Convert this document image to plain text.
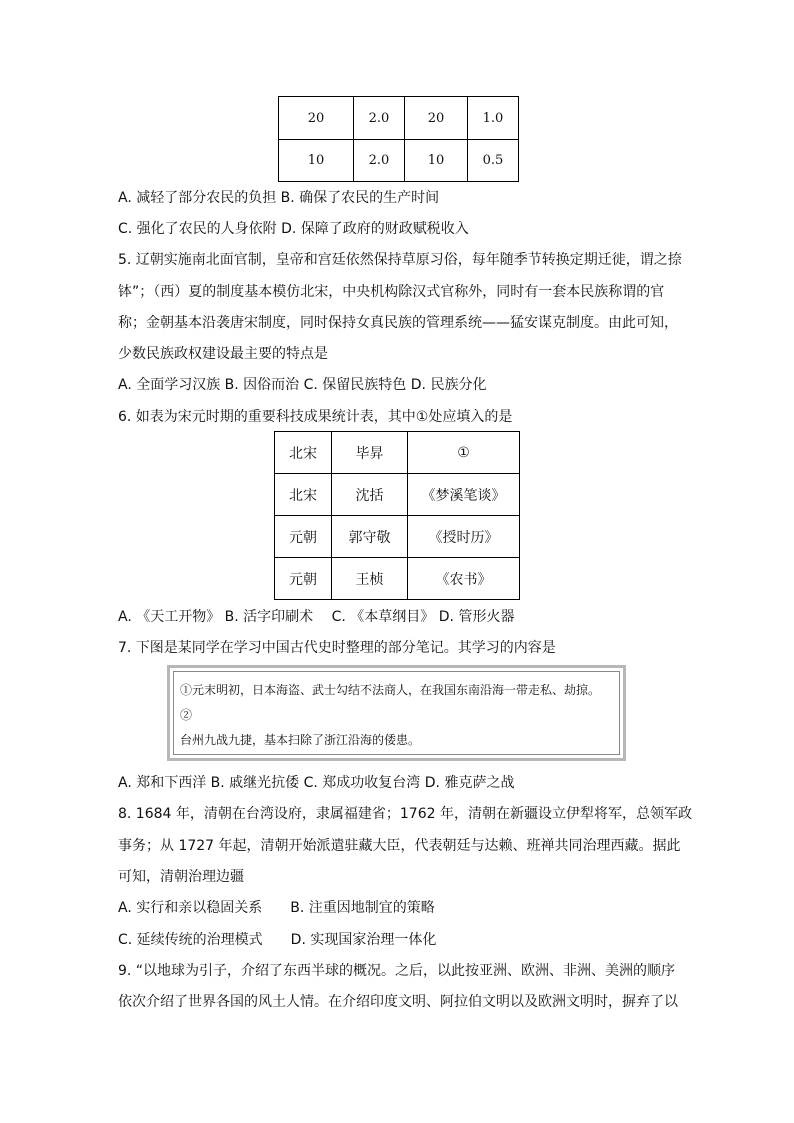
20	2.0	20	1.0
10	2.0	10	0.5
A. 减轻了部分农民的负担 B. 确保了农民的生产时间
C. 强化了农民的人身依附 D. 保障了政府的财政赋税收入
5. 辽朝实施南北面官制，皇帝和宫廷依然保持草原习俗，每年随季节转换定期迁徙，谓之捺
钵”；（西）夏的制度基本模仿北宋，中央机构除汉式官称外，同时有一套本民族称谓的官
称；金朝基本沿袭唐宋制度，同时保持女真民族的管理系统——猛安谋克制度。由此可知，
少数民族政权建设最主要的特点是
A. 全面学习汉族 B. 因俗而治 C. 保留民族特色 D. 民族分化
6. 如表为宋元时期的重要科技成果统计表，其中①处应填入的是
北宋	毕昇	①
北宋	沈括	《梦溪笔谈》
元朝	郭守敬	《授时历》
元朝	王桢	《农书》
A. 《天工开物》 B. 活字印刷术　 C. 《本草纲目》 D. 管形火器
7. 下图是某同学在学习中国古代史时整理的部分笔记。其学习的内容是
①元末明初，日本海盗、武士勾结不法商人，在我国东南沿海一带走私、劫掠。②
台州九战九捷，基本扫除了浙江沿海的倭患。
A. 郑和下西洋 B. 戚继光抗倭 C. 郑成功收复台湾 D. 雅克萨之战
8. 1684 年，清朝在台湾设府，隶属福建省；1762 年，清朝在新疆设立伊犁将军，总领军政
事务；从 1727 年起，清朝开始派遣驻藏大臣，代表朝廷与达赖、班禅共同治理西藏。据此
可知，清朝治理边疆
A. 实行和亲以稳固关系　　B. 注重因地制宜的策略
C. 延续传统的治理模式　　D. 实现国家治理一体化
9. “以地球为引子，介绍了东西半球的概况。之后，以此按亚洲、欧洲、非洲、美洲的顺序
依次介绍了世界各国的风土人情。在介绍印度文明、阿拉伯文明以及欧洲文明时，摒弃了以
